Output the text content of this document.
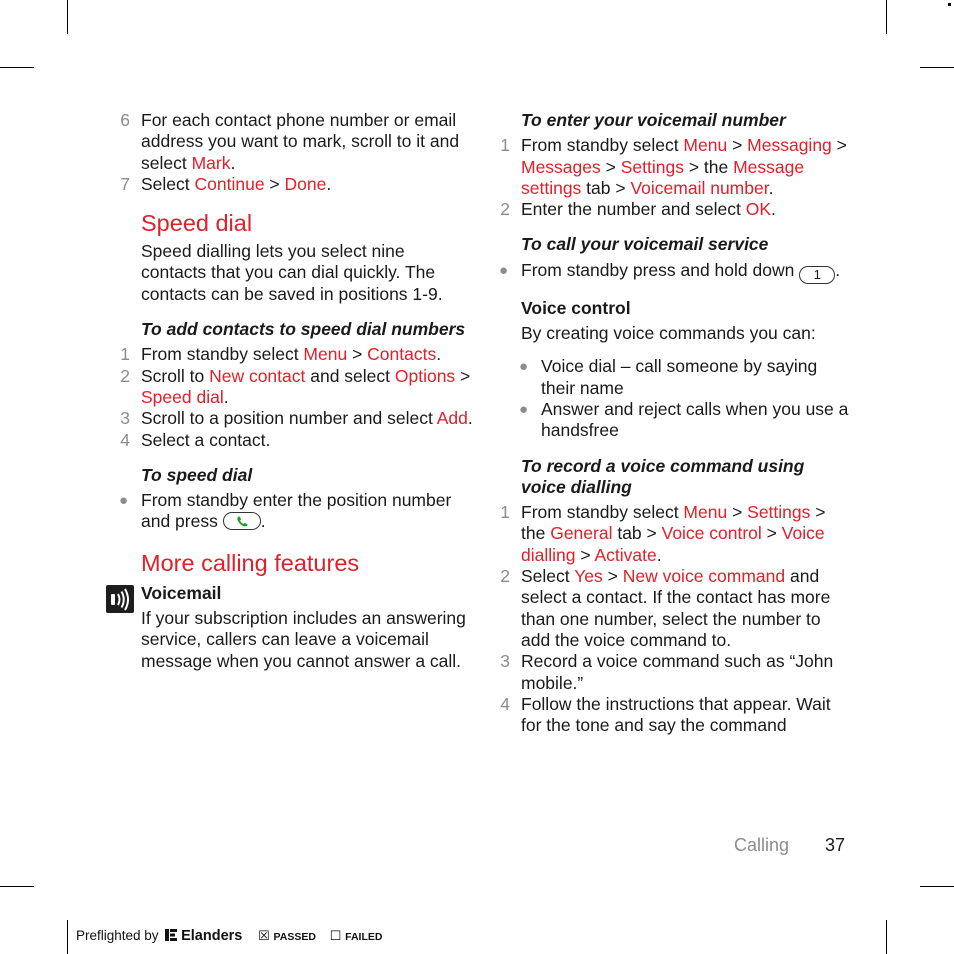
6 For each contact phone number or email address you want to mark, scroll to it and select Mark.
7 Select Continue > Done.
Speed dial
Speed dialling lets you select nine contacts that you can dial quickly. The contacts can be saved in positions 1-9.
To add contacts to speed dial numbers
1 From standby select Menu > Contacts.
2 Scroll to New contact and select Options > Speed dial.
3 Scroll to a position number and select Add.
4 Select a contact.
To speed dial
● From standby enter the position number and press
.
More calling features
Voicemail
If your subscription includes an answering service, callers can leave a voicemail message when you cannot answer a call.
To enter your voicemail number
1 From standby select Menu > Messaging > Messages > Settings > the Message settings tab > Voicemail number.
2 Enter the number and select OK.
To call your voicemail service
● From standby press and hold down 1 .
Voice control
By creating voice commands you can:
● Voice dial – call someone by saying their name
● Answer and reject calls when you use a handsfree
To record a voice command using voice dialling
1 From standby select Menu > Settings > the General tab > Voice control > Voice dialling > Activate.
2 Select Yes > New voice command and select a contact. If the contact has more than one number, select the number to add the voice command to.
3 Record a voice command such as “John mobile.”
4 Follow the instructions that appear. Wait for the tone and say the command
Calling 37
Preflighted by Elanders ☒ PASSED ☐ FAILED
